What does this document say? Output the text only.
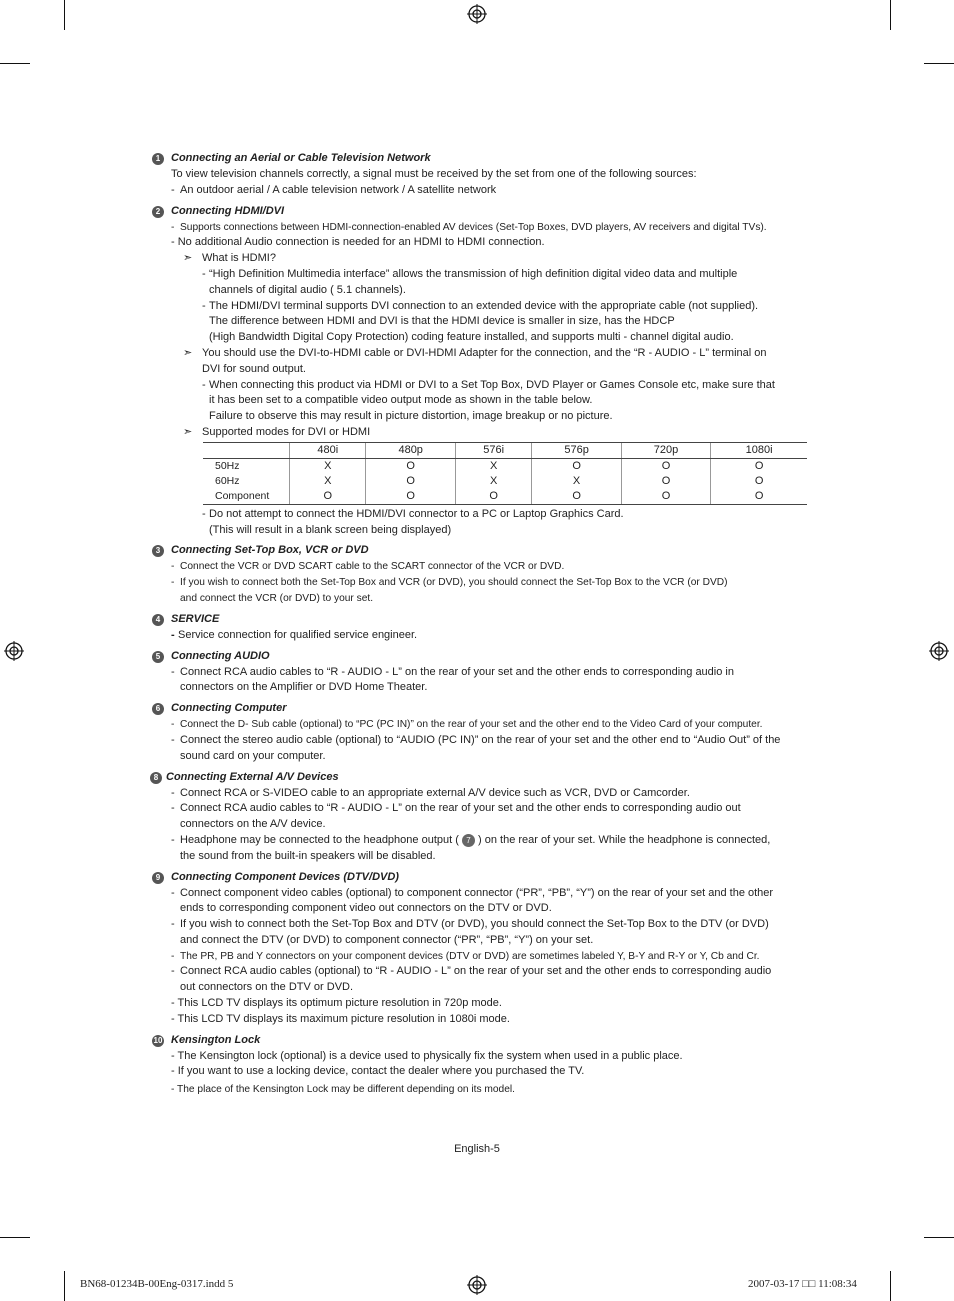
1 Connecting an Aerial or Cable Television Network
To view television channels correctly, a signal must be received by the set from one of the following sources:
- An outdoor aerial / A cable television network / A satellite network
2 Connecting HDMI/DVI
- Supports connections between HDMI-connection-enabled AV devices (Set-Top Boxes, DVD players, AV receivers and digital TVs).
- No additional Audio connection is needed for an HDMI to HDMI connection.
➣ What is HDMI?
- “High Definition Multimedia interface” allows the transmission of high definition digital video data and multiple
channels of digital audio ( 5.1 channels).
- The HDMI/DVI terminal supports DVI connection to an extended device with the appropriate cable (not supplied).
The difference between HDMI and DVI is that the HDMI device is smaller in size, has the HDCP
(High Bandwidth Digital Copy Protection) coding feature installed, and supports multi - channel digital audio.
➣ You should use the DVI-to-HDMI cable or DVI-HDMI Adapter for the connection, and the “R - AUDIO - L” terminal on
DVI for sound output.
- When connecting this product via HDMI or DVI to a Set Top Box, DVD Player or Games Console etc, make sure that
it has been set to a compatible video output mode as shown in the table below.
Failure to observe this may result in picture distortion, image breakup or no picture.
➣ Supported modes for DVI or HDMI
	480i	480p	576i	576p	720p	1080i
50Hz	X	O	X	O	O	O
60Hz	X	O	X	X	O	O
Component	O	O	O	O	O	O
- Do not attempt to connect the HDMI/DVI connector to a PC or Laptop Graphics Card.
(This will result in a blank screen being displayed)
3 Connecting Set-Top Box, VCR or DVD
- Connect the VCR or DVD SCART cable to the SCART connector of the VCR or DVD.
- If you wish to connect both the Set-Top Box and VCR (or DVD), you should connect the Set-Top Box to the VCR (or DVD)
and connect the VCR (or DVD) to your set.
4 SERVICE
- Service connection for qualified service engineer.
5 Connecting AUDIO
- Connect RCA audio cables to “R - AUDIO - L” on the rear of your set and the other ends to corresponding audio in
connectors on the Amplifier or DVD Home Theater.
6 Connecting Computer
- Connect the D- Sub cable (optional) to “PC (PC IN)” on the rear of your set and the other end to the Video Card of your computer.
- Connect the stereo audio cable (optional) to “AUDIO (PC IN)” on the rear of your set and the other end to “Audio Out” of the
sound card on your computer.
8 Connecting External A/V Devices
- Connect RCA or S-VIDEO cable to an appropriate external A/V device such as VCR, DVD or Camcorder.
- Connect RCA audio cables to “R - AUDIO - L” on the rear of your set and the other ends to corresponding audio out
connectors on the A/V device.
- Headphone may be connected to the headphone output ( 7 ) on the rear of your set. While the headphone is connected,
the sound from the built-in speakers will be disabled.
9 Connecting Component Devices (DTV/DVD)
- Connect component video cables (optional) to component connector (“PR”, “PB”, “Y”) on the rear of your set and the other
ends to corresponding component video out connectors on the DTV or DVD.
- If you wish to connect both the Set-Top Box and DTV (or DVD), you should connect the Set-Top Box to the DTV (or DVD)
and connect the DTV (or DVD) to component connector (“PR”, “PB”, “Y”) on your set.
- The PR, PB and Y connectors on your component devices (DTV or DVD) are sometimes labeled Y, B-Y and R-Y or Y, Cb and Cr.
- Connect RCA audio cables (optional) to “R - AUDIO - L” on the rear of your set and the other ends to corresponding audio
out connectors on the DTV or DVD.
- This LCD TV displays its optimum picture resolution in 720p mode.
- This LCD TV displays its maximum picture resolution in 1080i mode.
10 Kensington Lock
- The Kensington lock (optional) is a device used to physically fix the system when used in a public place.
- If you want to use a locking device, contact the dealer where you purchased the TV.
- The place of the Kensington Lock may be different depending on its model.
English-5
BN68-01234B-00Eng-0317.indd 5	2007-03-17 □□ 11:08:34
